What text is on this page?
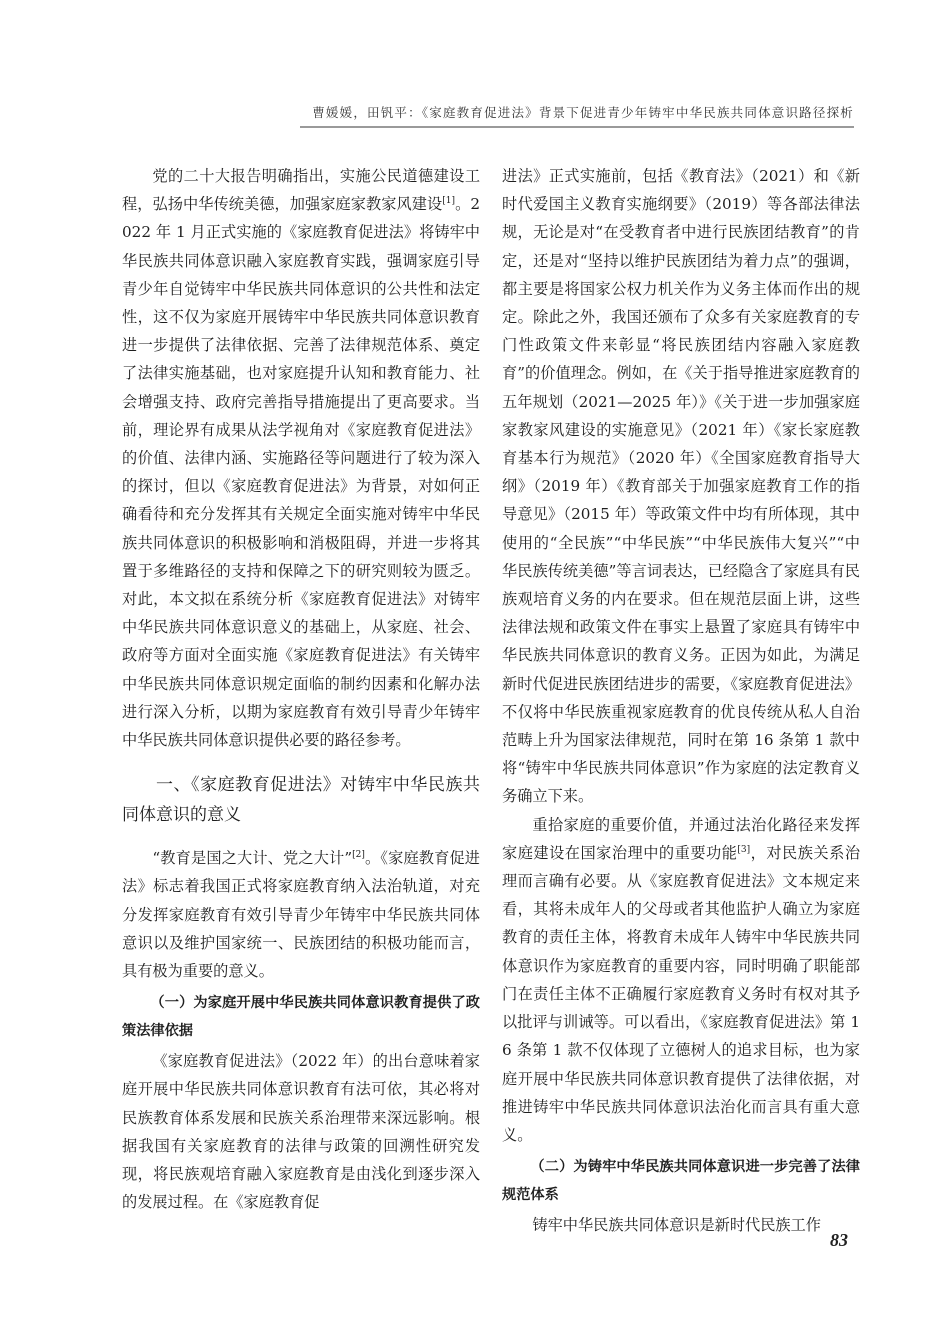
曹媛媛，田钒平：《家庭教育促进法》背景下促进青少年铸牢中华民族共同体意识路径探析

党的二十大报告明确指出，实施公民道德建设工程，弘扬中华传统美德，加强家庭家教家风建设[1]。2022 年 1 月正式实施的《家庭教育促进法》将铸牢中华民族共同体意识融入家庭教育实践，强调家庭引导青少年自觉铸牢中华民族共同体意识的公共性和法定性，这不仅为家庭开展铸牢中华民族共同体意识教育进一步提供了法律依据、完善了法律规范体系、奠定了法律实施基础，也对家庭提升认知和教育能力、社会增强支持、政府完善指导措施提出了更高要求。当前，理论界有成果从法学视角对《家庭教育促进法》的价值、法律内涵、实施路径等问题进行了较为深入的探讨，但以《家庭教育促进法》为背景，对如何正确看待和充分发挥其有关规定全面实施对铸牢中华民族共同体意识的积极影响和消极阻碍，并进一步将其置于多维路径的支持和保障之下的研究则较为匮乏。对此，本文拟在系统分析《家庭教育促进法》对铸牢中华民族共同体意识意义的基础上，从家庭、社会、政府等方面对全面实施《家庭教育促进法》有关铸牢中华民族共同体意识规定面临的制约因素和化解办法进行深入分析，以期为家庭教育有效引导青少年铸牢中华民族共同体意识提供必要的路径参考。

一、《家庭教育促进法》对铸牢中华民族共同体意识的意义

“教育是国之大计、党之大计”[2]。《家庭教育促进法》标志着我国正式将家庭教育纳入法治轨道，对充分发挥家庭教育有效引导青少年铸牢中华民族共同体意识以及维护国家统一、民族团结的积极功能而言，具有极为重要的意义。

（一）为家庭开展中华民族共同体意识教育提供了政策法律依据

《家庭教育促进法》（2022 年）的出台意味着家庭开展中华民族共同体意识教育有法可依，其必将对民族教育体系发展和民族关系治理带来深远影响。根据我国有关家庭教育的法律与政策的回溯性研究发现，将民族观培育融入家庭教育是由浅化到逐步深入的发展过程。在《家庭教育促

进法》正式实施前，包括《教育法》（2021）和《新时代爱国主义教育实施纲要》（2019）等各部法律法规，无论是对“在受教育者中进行民族团结教育”的肯定，还是对“坚持以维护民族团结为着力点”的强调，都主要是将国家公权力机关作为义务主体而作出的规定。除此之外，我国还颁布了众多有关家庭教育的专门性政策文件来彰显“将民族团结内容融入家庭教育”的价值理念。例如，在《关于指导推进家庭教育的五年规划（2021—2025 年）》《关于进一步加强家庭家教家风建设的实施意见》（2021 年）《家长家庭教育基本行为规范》（2020 年）《全国家庭教育指导大纲》（2019 年）《教育部关于加强家庭教育工作的指导意见》（2015 年）等政策文件中均有所体现，其中使用的“全民族”“中华民族”“中华民族伟大复兴”“中华民族传统美德”等言词表达，已经隐含了家庭具有民族观培育义务的内在要求。但在规范层面上讲，这些法律法规和政策文件在事实上悬置了家庭具有铸牢中华民族共同体意识的教育义务。正因为如此，为满足新时代促进民族团结进步的需要，《家庭教育促进法》不仅将中华民族重视家庭教育的优良传统从私人自治范畴上升为国家法律规范，同时在第 16 条第 1 款中将“铸牢中华民族共同体意识”作为家庭的法定教育义务确立下来。

重拾家庭的重要价值，并通过法治化路径来发挥家庭建设在国家治理中的重要功能[3]，对民族关系治理而言确有必要。从《家庭教育促进法》文本规定来看，其将未成年人的父母或者其他监护人确立为家庭教育的责任主体，将教育未成年人铸牢中华民族共同体意识作为家庭教育的重要内容，同时明确了职能部门在责任主体不正确履行家庭教育义务时有权对其予以批评与训诫等。可以看出，《家庭教育促进法》第 16 条第 1 款不仅体现了立德树人的追求目标，也为家庭开展中华民族共同体意识教育提供了法律依据，对推进铸牢中华民族共同体意识法治化而言具有重大意义。

（二）为铸牢中华民族共同体意识进一步完善了法律规范体系

铸牢中华民族共同体意识是新时代民族工作

83
